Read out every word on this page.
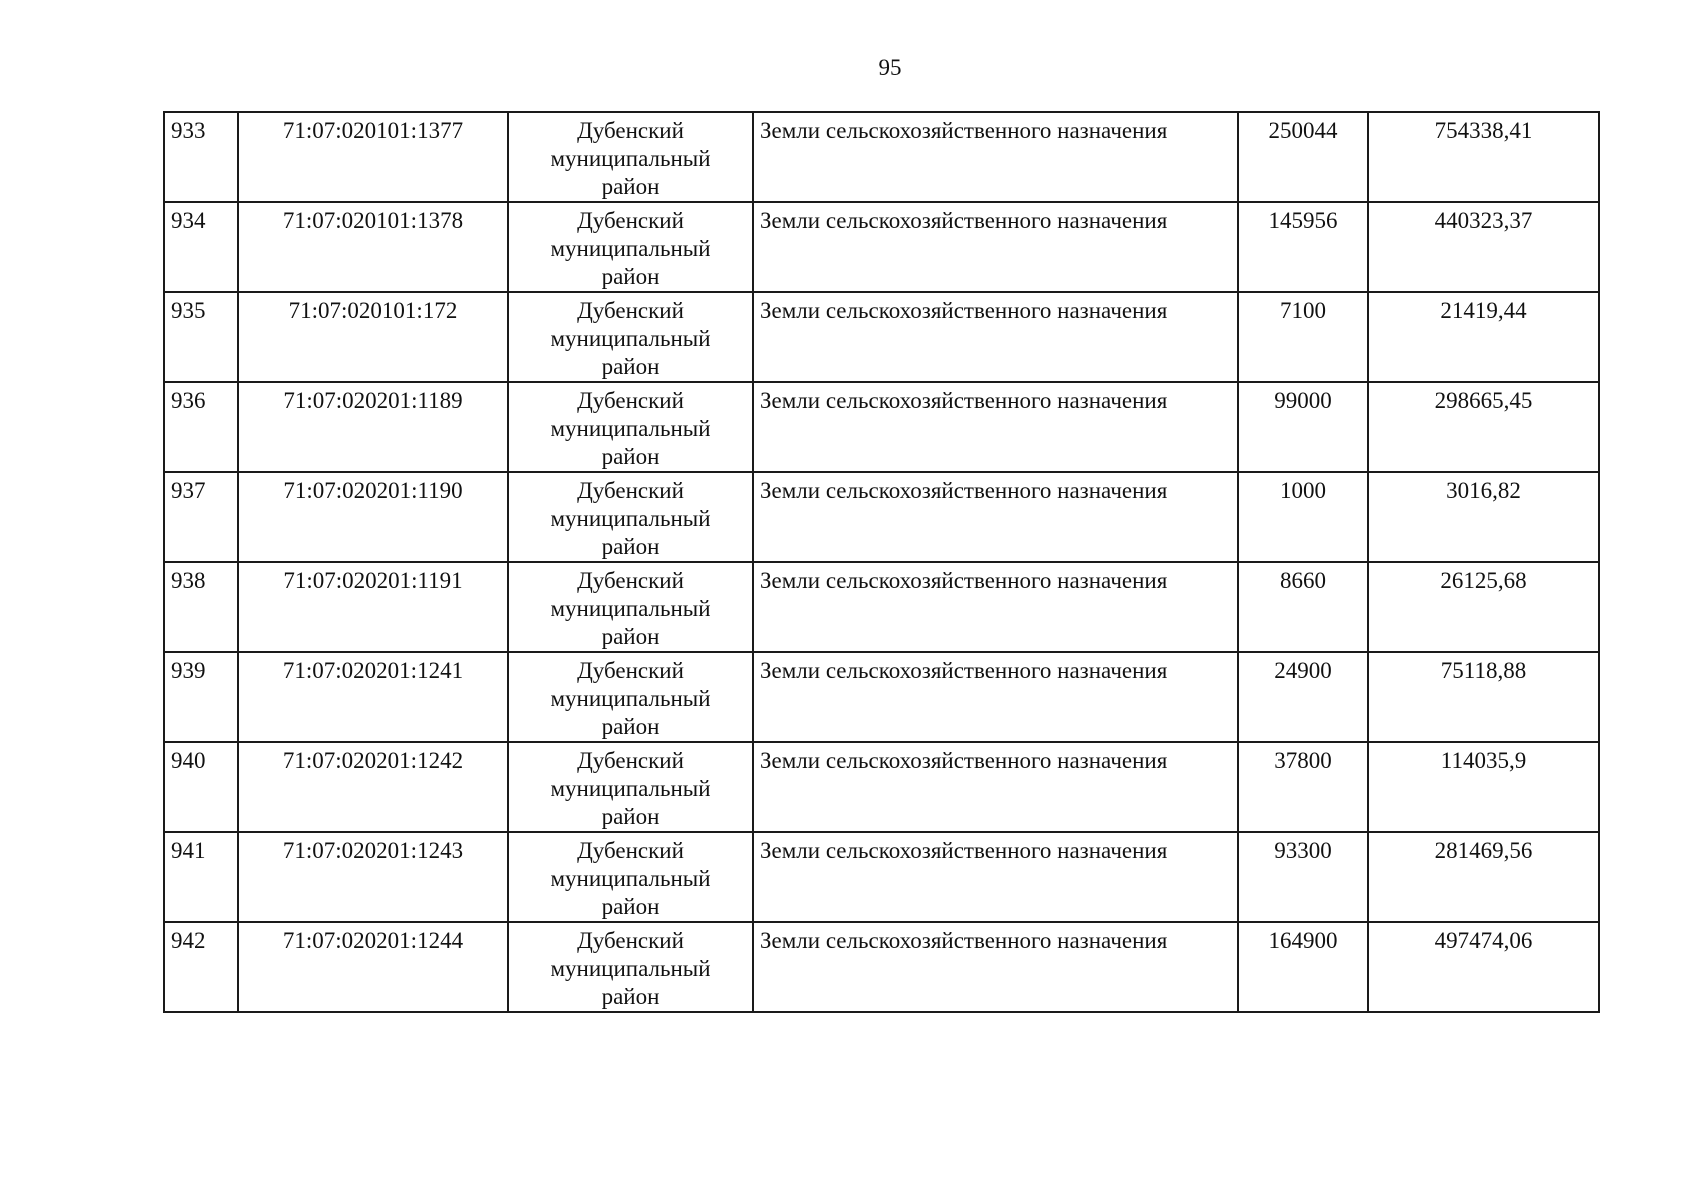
95
933	71:07:020101:1377	Дубенский
муниципальный
район	Земли сельскохозяйственного назначения	250044	754338,41
934	71:07:020101:1378	Дубенский
муниципальный
район	Земли сельскохозяйственного назначения	145956	440323,37
935	71:07:020101:172	Дубенский
муниципальный
район	Земли сельскохозяйственного назначения	7100	21419,44
936	71:07:020201:1189	Дубенский
муниципальный
район	Земли сельскохозяйственного назначения	99000	298665,45
937	71:07:020201:1190	Дубенский
муниципальный
район	Земли сельскохозяйственного назначения	1000	3016,82
938	71:07:020201:1191	Дубенский
муниципальный
район	Земли сельскохозяйственного назначения	8660	26125,68
939	71:07:020201:1241	Дубенский
муниципальный
район	Земли сельскохозяйственного назначения	24900	75118,88
940	71:07:020201:1242	Дубенский
муниципальный
район	Земли сельскохозяйственного назначения	37800	114035,9
941	71:07:020201:1243	Дубенский
муниципальный
район	Земли сельскохозяйственного назначения	93300	281469,56
942	71:07:020201:1244	Дубенский
муниципальный
район	Земли сельскохозяйственного назначения	164900	497474,06
